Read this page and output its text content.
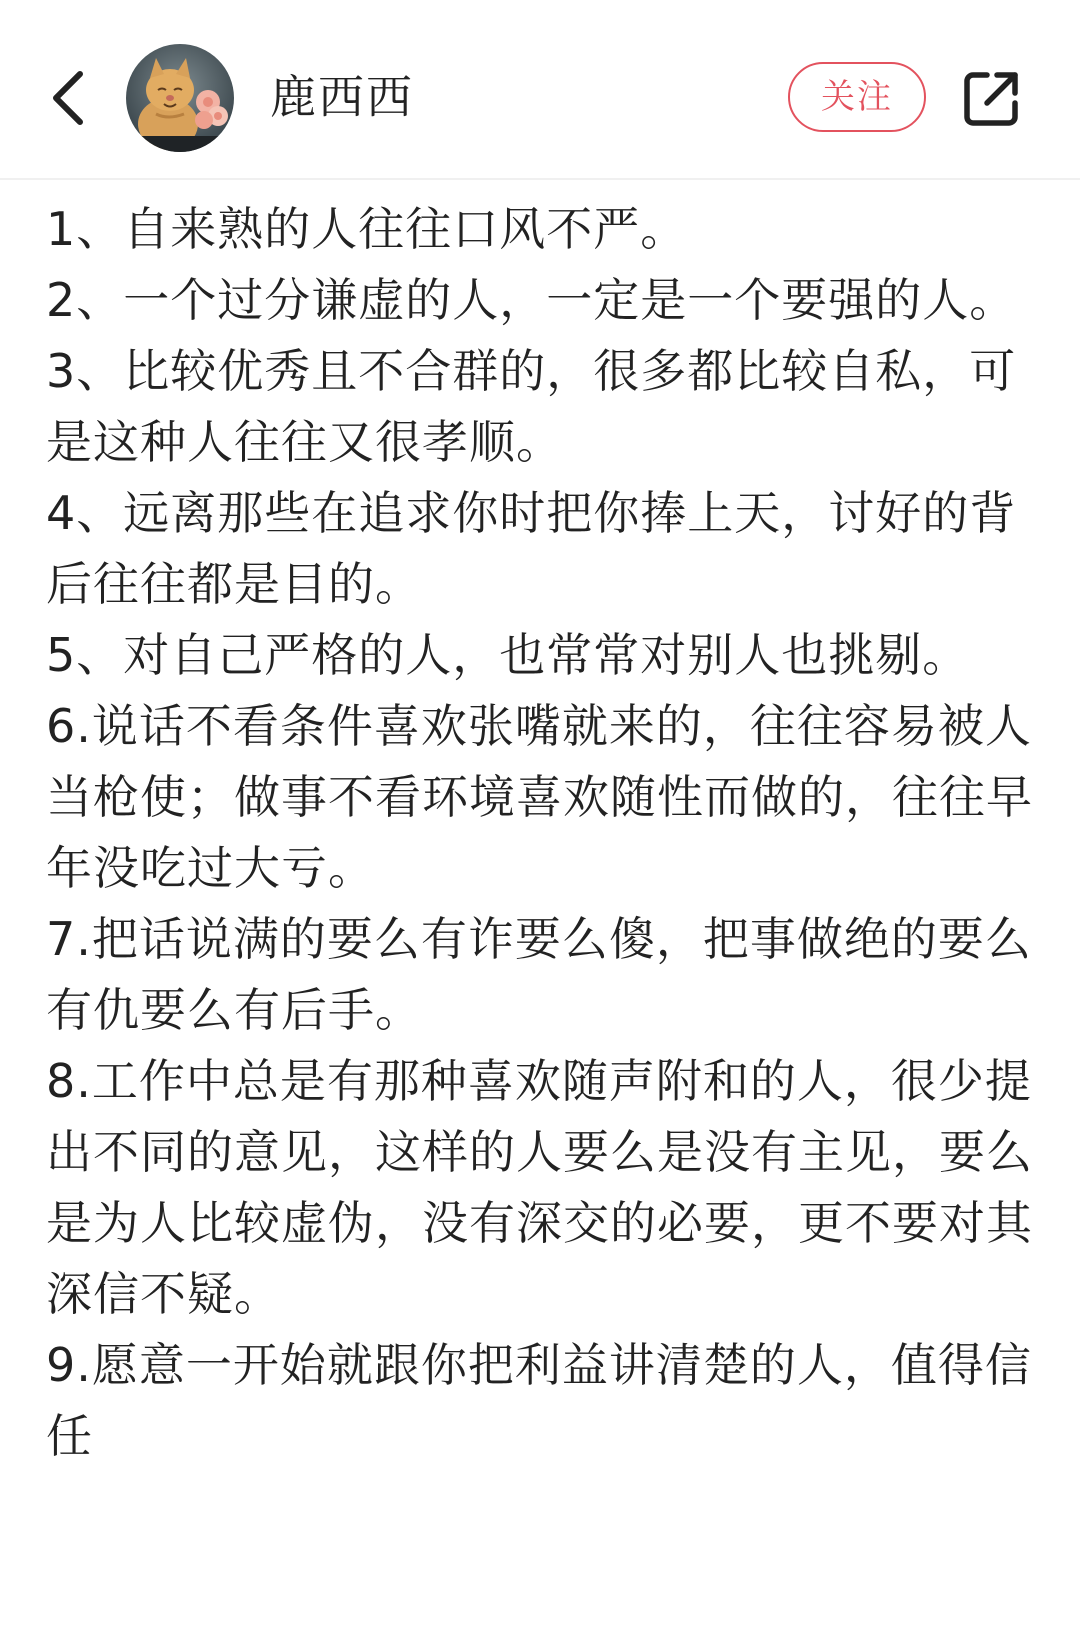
鹿西西	关注

1、自来熟的人往往口风不严。

2、一个过分谦虚的人，一定是一个要强的人。

3、比较优秀且不合群的，很多都比较自私，可是这种人往往又很孝顺。

4、远离那些在追求你时把你捧上天，讨好的背后往往都是目的。

5、对自己严格的人，也常常对别人也挑剔。

6.说话不看条件喜欢张嘴就来的，往往容易被人当枪使；做事不看环境喜欢随性而做的，往往早年没吃过大亏。

7.把话说满的要么有诈要么傻，把事做绝的要么有仇要么有后手。

8.工作中总是有那种喜欢随声附和的人，很少提出不同的意见，这样的人要么是没有主见，要么是为人比较虚伪，没有深交的必要，更不要对其深信不疑。

9.愿意一开始就跟你把利益讲清楚的人，值得信任
